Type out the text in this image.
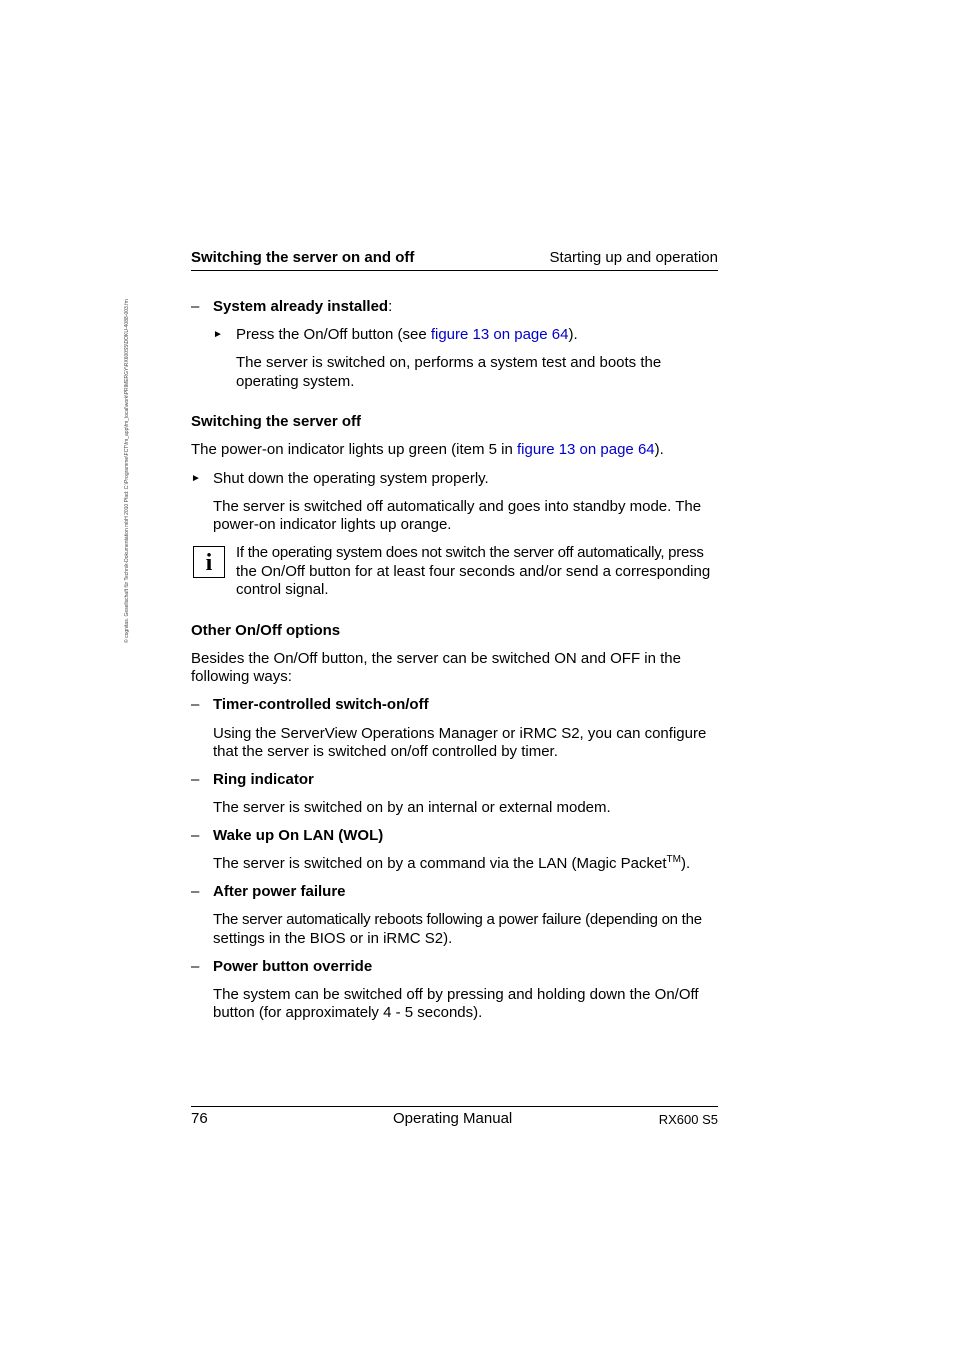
© cognitas. Gesellschaft für Technik-Dokumentation mbH 2010 Pfad: C:\Programme\FCT\fm_app\fm_local\work\PRIMERGY\RX600S5\DOKU-4088-003.fm
Switching the server on and off	Starting up and operation
– System already installed:
► Press the On/Off button (see figure 13 on page 64).
The server is switched on, performs a system test and boots the
operating system.
Switching the server off
The power-on indicator lights up green (item 5 in figure 13 on page 64).
► Shut down the operating system properly.
The server is switched off automatically and goes into standby mode. The
power-on indicator lights up orange.
i	If the operating system does not switch the server off automatically, press
the On/Off button for at least four seconds and/or send a corresponding
control signal.
Other On/Off options
Besides the On/Off button, the server can be switched ON and OFF in the
following ways:
– Timer-controlled switch-on/off
Using the ServerView Operations Manager or iRMC S2, you can configure
that the server is switched on/off controlled by timer.
– Ring indicator
The server is switched on by an internal or external modem.
– Wake up On LAN (WOL)
The server is switched on by a command via the LAN (Magic Packet™).
– After power failure
The server automatically reboots following a power failure (depending on the
settings in the BIOS or in iRMC S2).
– Power button override
The system can be switched off by pressing and holding down the On/Off
button (for approximately 4 - 5 seconds).
76	Operating Manual	RX600 S5
